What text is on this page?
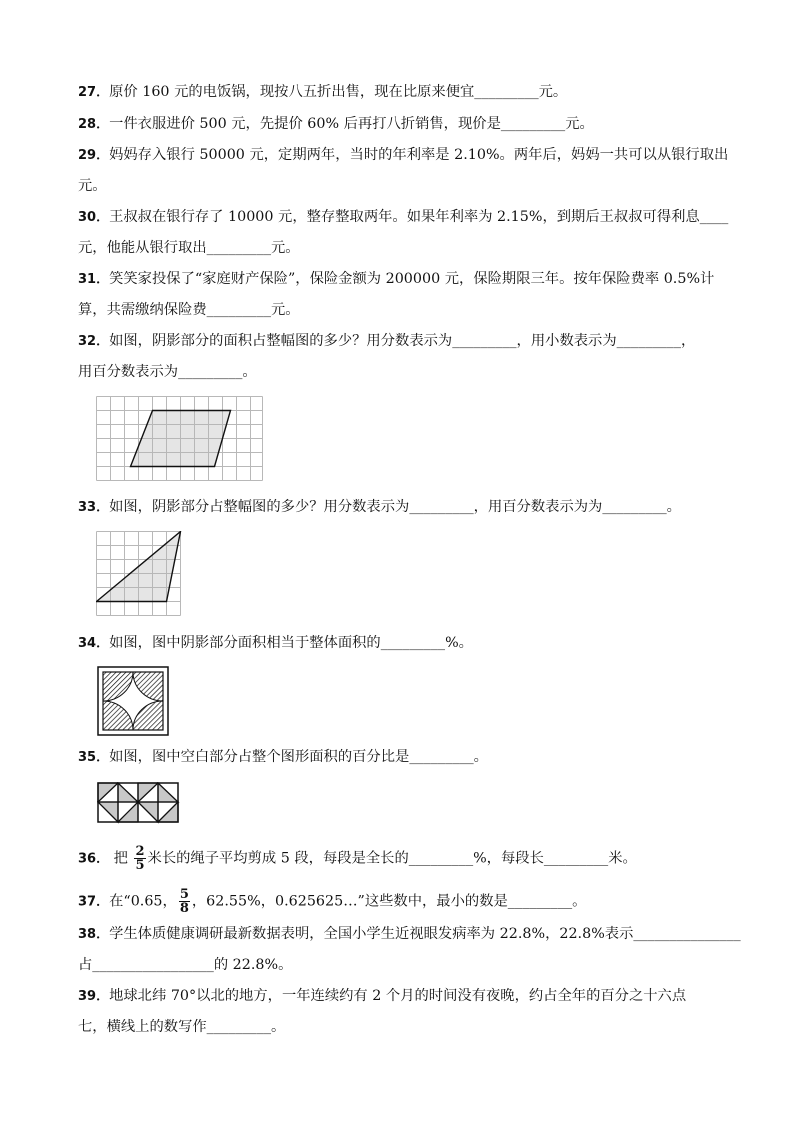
27．原价 160 元的电饭锅，现按八五折出售，现在比原来便宜_________元。
28．一件衣服进价 500 元，先提价 60% 后再打八折销售，现价是_________元。
29．妈妈存入银行 50000 元，定期两年，当时的年利率是 2.10%。两年后，妈妈一共可以从银行取出
元。
30．王叔叔在银行存了 10000 元，整存整取两年。如果年利率为 2.15%，到期后王叔叔可得利息____
元，他能从银行取出_________元。
31．笑笑家投保了“家庭财产保险”，保险金额为 200000 元，保险期限三年。按年保险费率 0.5%计
算，共需缴纳保险费_________元。
32．如图，阴影部分的面积占整幅图的多少？用分数表示为_________，用小数表示为_________，
用百分数表示为_________。
33．如图，阴影部分占整幅图的多少？用分数表示为_________，用百分数表示为为_________。
34．如图，图中阴影部分面积相当于整体面积的_________%。
35．如图，图中空白部分占整个图形面积的百分比是_________。
36． 把 $\frac{2}{5}$ 米长的绳子平均剪成 5 段，每段是全长的_________%，每段长_________米。
37．在“0.65， $\frac{5}{8}$ ，62.55%，0.625625…”这些数中，最小的数是_________。
38．学生体质健康调研最新数据表明，全国小学生近视眼发病率为 22.8%，22.8%表示_______________
占_________________的 22.8%。
39．地球北纬 70°以北的地方，一年连续约有 2 个月的时间没有夜晚，约占全年的百分之十六点
七，横线上的数写作_________。
